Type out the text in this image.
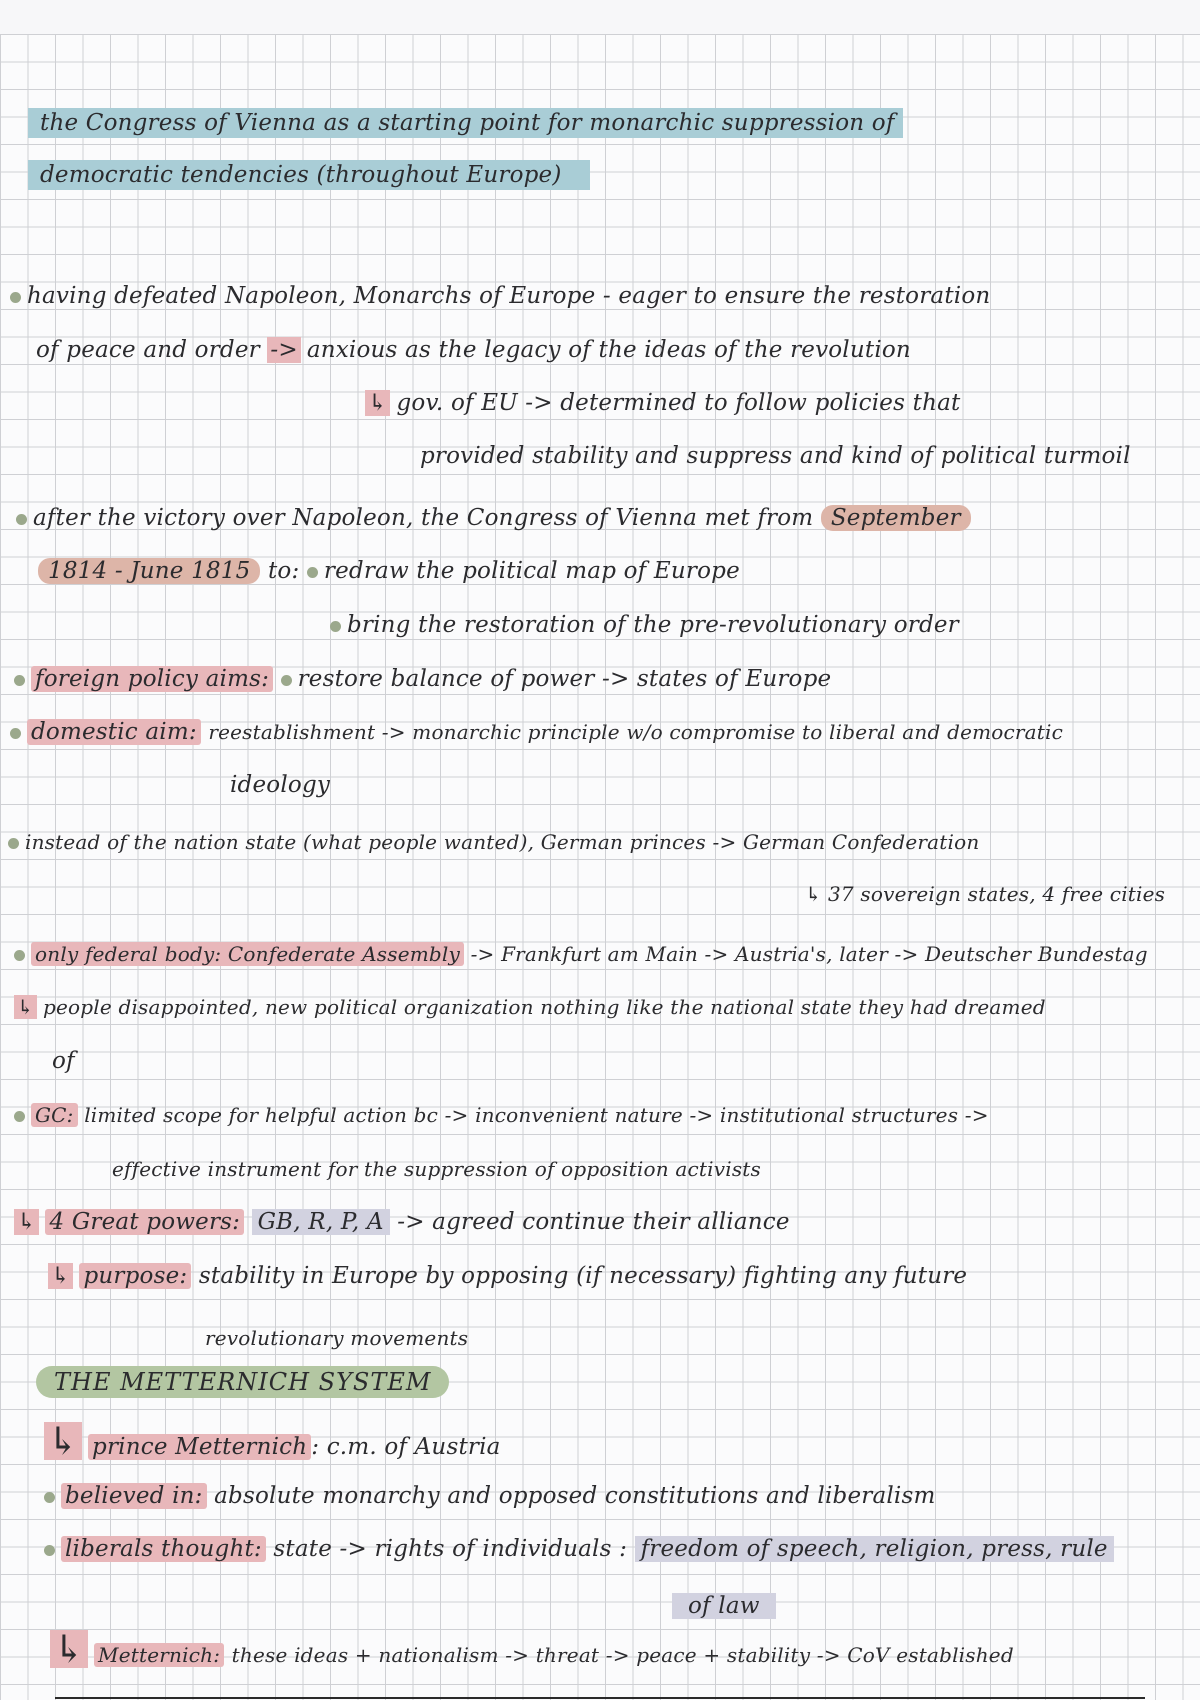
the Congress of Vienna as a starting point for monarchic suppression of
democratic tendencies (throughout Europe)
having defeated Napoleon, Monarchs of Europe - eager to ensure the restoration
of peace and order -> anxious as the legacy of the ideas of the revolution
↳ gov. of EU -> determined to follow policies that
provided stability and suppress and kind of political turmoil
after the victory over Napoleon, the Congress of Vienna met from September
1814 - June 1815 to: redraw the political map of Europe
bring the restoration of the pre-revolutionary order
foreign policy aims: restore balance of power -> states of Europe
domestic aim: reestablishment -> monarchic principle w/o compromise to liberal and democratic
ideology
instead of the nation state (what people wanted), German princes -> German Confederation
↳ 37 sovereign states, 4 free cities
only federal body: Confederate Assembly -> Frankfurt am Main -> Austria's, later -> Deutscher Bundestag
↳ people disappointed, new political organization nothing like the national state they had dreamed
of
GC: limited scope for helpful action bc -> inconvenient nature -> institutional structures ->
effective instrument for the suppression of opposition activists
↳ 4 Great powers: GB, R, P, A -> agreed continue their alliance
↳ purpose: stability in Europe by opposing (if necessary) fighting any future
revolutionary movements
THE METTERNICH SYSTEM
↳ prince Metternich : c.m. of Austria
believed in: absolute monarchy and opposed constitutions and liberalism
liberals thought: state -> rights of individuals : freedom of speech, religion, press, rule
of law
↳ Metternich: these ideas + nationalism -> threat -> peace + stability -> CoV established
